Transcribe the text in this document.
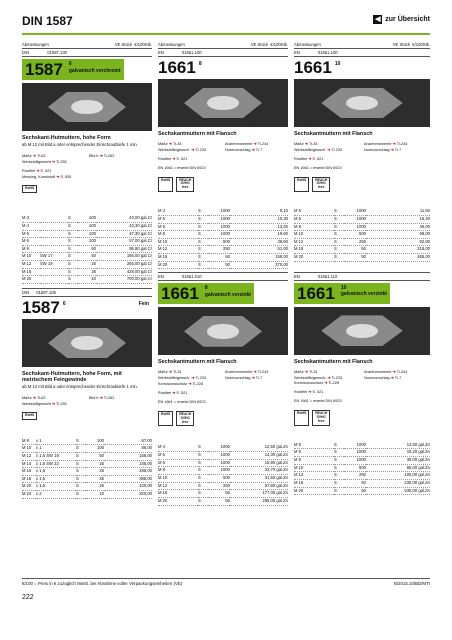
DIN 1587	◀ zur Übersicht
Abmessungen	VE Stück €/100Stk.
DIN	01587.130
1587	6
galvanisch verchromt
Sechskant-Hutmuttern, hohe Form
ab M 12 mit Bild a oder entsprechender Einschraubtiefe 1 min.
Maße ➜ Ti-63	Bild b ➜ Ti-262
Werkstoffgewicht ➜ Ti-235
Rostfrei ➜ S. 521
Messing, Kunststoff ➜ S. 835
RoHS
M 3		S	100	43,00 gal.Cr
M 4		S	100	43,30 gal.Cr
M 5		S	100	47,30 gal.Cr
M 6		S	100	57,00 gal.Cr
M 8		S	50	95,80 gal.Cr
M 10	SW 17	S	50	166,00 gal.Cr
M 12	SW 19	S	25	265,00 gal.Cr
M 16		S	25	428,00 gal.Cr
M 20		S	10	700,00 gal.Cr
DIN 01587.105
1587 6	Fein
Sechskant-Hutmuttern, hohe Form, mit metrischem Feingewinde
ab M 12 mit Bild a oder entsprechender Einschraubtiefe 1 min.
Maße ➜ Ti-63	Bild b ➜ Ti-262
Werkstoffgewicht ➜ Ti-235
RoHS
M 8	x 1	S	100	57,00
M 10	x 1	S	100	86,00
M 12	x 1,5 SW 19	S	50	158,00
M 14	x 1,5 SW 22	S	25	246,00
M 16	x 1,5	S	25	285,00
M 18	x 1,5	S	25	395,00
M 20	x 1,5	S	25	420,00
M 24	x 2	S	10	820,00
Abmessungen	VE Stück €/100Stk.
EN	01661.100
1661 8
Sechskantmuttern mit Flansch
Maße ➜ Ti-34	Anziehmomente ➜ Ti-244
Werkstoffeigensch. ➜ Ti-233	Normvorschlag ➜ Ti-7
Rostfrei ➜ S. 521
EN 1661 = ersetzt DIN 6923
RoHS	REACH SVHC free
M 4	S	1000	9,10
M 5	S	1000	10,30
M 6	S	1000	13,40
M 8	S	1000	19,60
M 10	S	500	36,50
M 12	S	250	51,00
M 16	S	50	158,00
M 20	S	50	270,00
EN	01661.010
1661	8
galvanisch verzinkt
Sechskantmuttern mit Flansch
Maße ➜ Ti-34	Anziehmomente ➜ Ti-244
Werkstoffeigensch. ➜ Ti-233	Normvorschlag ➜ Ti-7
Korrosionsschutz ➜ Ti-228
Rostfrei ➜ S. 521
EN 1661 = ersetzt DIN 6923
RoHS	REACH SVHC free
M 4	S	1000	12,50 gal.Zn
M 5	S	1000	14,30 gal.Zn
M 6	S	1000	15,80 gal.Zn
M 8	S	1000	22,70 gal.Zn
M 10	S	500	41,50 gal.Zn
M 12	S	250	57,80 gal.Zn
M 16	S	50	177,00 gal.Zn
M 20	S	50	295,00 gal.Zn
Abmessungen	VE Stück €/100Stk.
EN	01661.100
1661 10
Sechskantmuttern mit Flansch
Maße ➜ Ti-34	Anziehmomente ➜ Ti-244
Werkstoffeigensch. ➜ Ti-233	Normvorschlag ➜ Ti-7
Rostfrei ➜ S. 521
EN 1661 = ersetzt DIN 6923
RoHS	REACH SVHC free
M 5	S	1000	11,50
M 6	S	1000	16,40
M 8	S	1000	36,00
M 10	S	500	68,00
M 12	S	250	92,80
M 16	S	50	218,00
M 20	S	50	485,00
EN	01661.110
1661	10
galvanisch verzinkt
Sechskantmuttern mit Flansch
Maße ➜ Ti-34	Anziehmomente ➜ Ti-244
Werkstoffeigensch. ➜ Ti-233	Normvorschlag ➜ Ti-7
Korrosionsschutz ➜ Ti-228
Rostfrei ➜ S. 521
EN 1661 = ersetzt DIN 6923
RoHS	REACH SVHC free
M 5	S	1000	13,60 gal.Zn
M 6	S	1000	18,20 gal.Zn
M 8	S	1000	39,00 gal.Zn
M 10	S	500	66,00 gal.Zn
M 12	S	250	100,00 gal.Zn
M 16	S	50	230,00 gal.Zn
M 20	S	50	530,00 gal.Zn
€/100 = Preis in € zuzüglich MwSt. bei Abnahme voller Verpackungseinheiten (VE)	N/2015.10/BD/MTI
222
